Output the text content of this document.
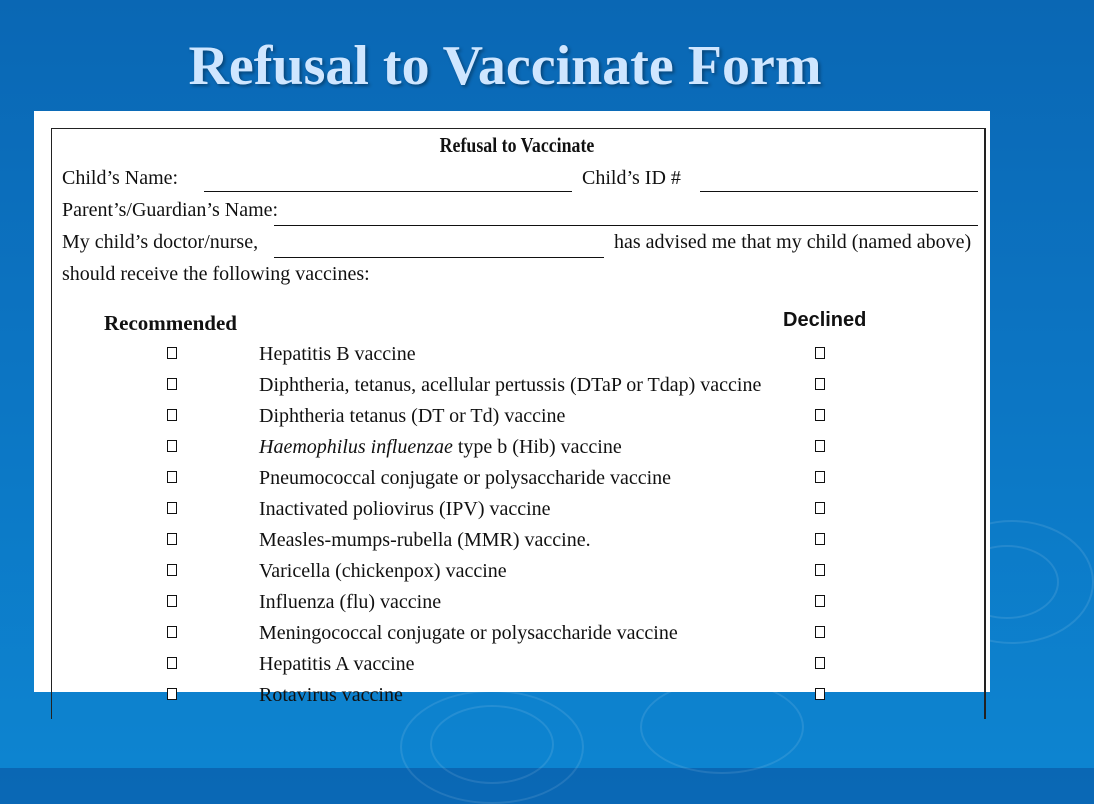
Refusal to Vaccinate Form
Refusal to Vaccinate
Child’s Name:	Child’s ID #
Parent’s/Guardian’s Name:
My child’s doctor/nurse,	has advised me that my child (named above)
should receive the following vaccines:
Recommended	Declined
Hepatitis B vaccine
Diphtheria, tetanus, acellular pertussis (DTaP or Tdap) vaccine
Diphtheria tetanus (DT or Td) vaccine
Haemophilus influenzae type b (Hib) vaccine
Pneumococcal conjugate or polysaccharide vaccine
Inactivated poliovirus (IPV) vaccine
Measles-mumps-rubella (MMR) vaccine.
Varicella (chickenpox) vaccine
Influenza (flu) vaccine
Meningococcal conjugate or polysaccharide vaccine
Hepatitis A vaccine
Rotavirus vaccine
